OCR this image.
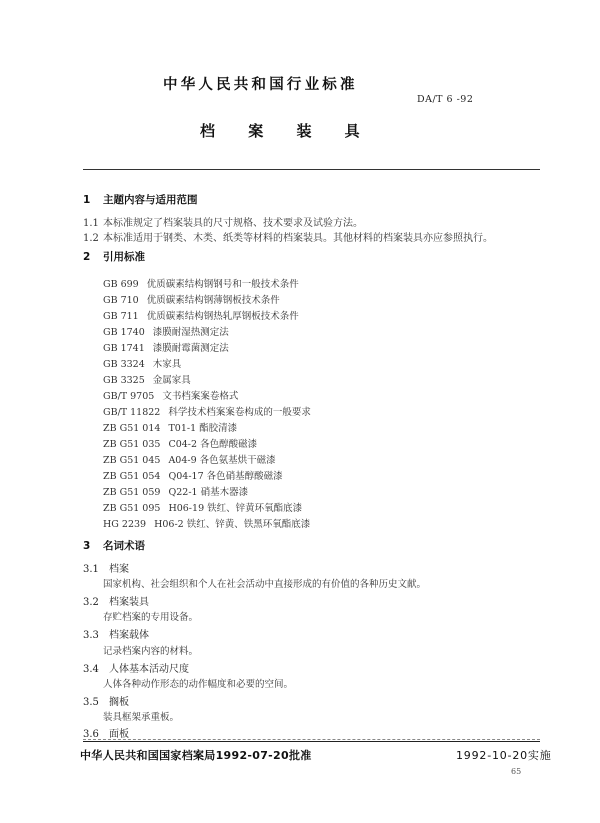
中华人民共和国行业标准
DA/T 6 -92
档 案 装 具
1 主题内容与适用范围
1.1 本标准规定了档案装具的尺寸规格、技术要求及试验方法。
1.2 本标准适用于钢类、木类、纸类等材料的档案装具。其他材料的档案装具亦应参照执行。
2 引用标准
GB 699 优质碳素结构钢钢号和一般技术条件
GB 710 优质碳素结构钢薄钢板技术条件
GB 711 优质碳素结构钢热轧厚钢板技术条件
GB 1740 漆膜耐湿热测定法
GB 1741 漆膜耐霉菌测定法
GB 3324 木家具
GB 3325 金属家具
GB/T 9705 文书档案案卷格式
GB/T 11822 科学技术档案案卷构成的一般要求
ZB G51 014 T01-1 酯胶清漆
ZB G51 035 C04-2 各色醇酸磁漆
ZB G51 045 A04-9 各色氨基烘干磁漆
ZB G51 054 Q04-17 各色硝基醇酸磁漆
ZB G51 059 Q22-1 硝基木器漆
ZB G51 095 H06-19 铁红、锌黄环氧酯底漆
HG 2239 H06-2 铁红、锌黄、铁黑环氧酯底漆
3 名词术语
3.1 档案
国家机构、社会组织和个人在社会活动中直接形成的有价值的各种历史文献。
3.2 档案装具
存贮档案的专用设备。
3.3 档案载体
记录档案内容的材料。
3.4 人体基本活动尺度
人体各种动作形态的动作幅度和必要的空间。
3.5 搁板
装具框架承重板。
3.6 面板
中华人民共和国国家档案局1992-07-20批准	1992-10-20实施
65
